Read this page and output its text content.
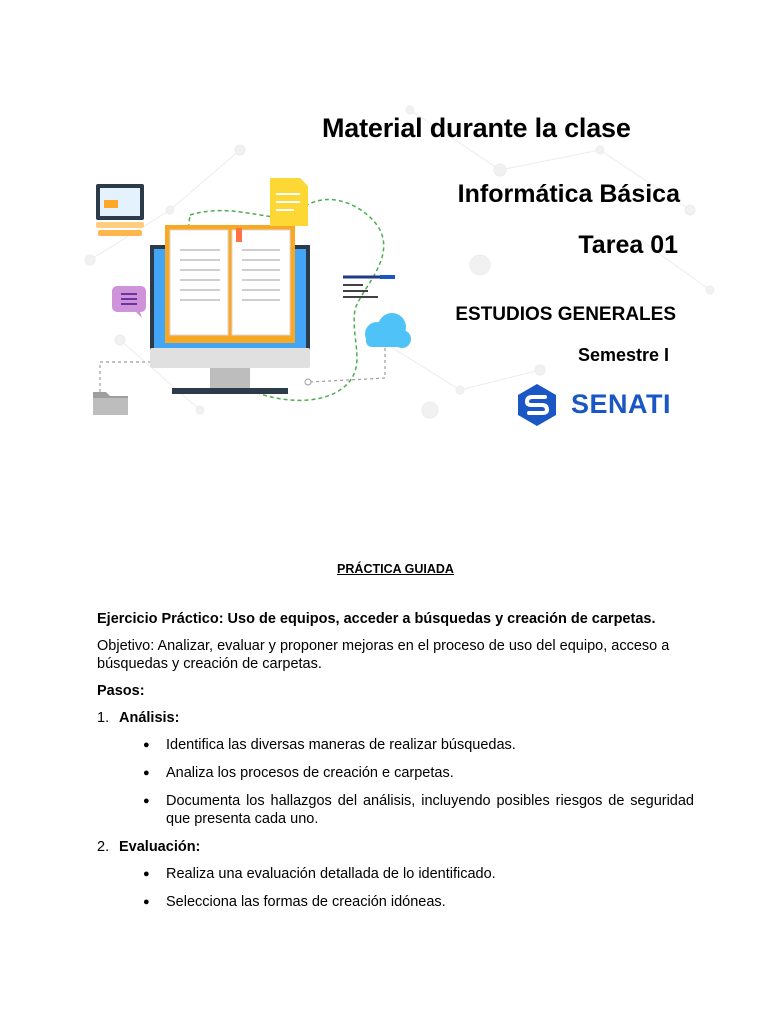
Material durante la clase
Informática Básica
Tarea 01
ESTUDIOS GENERALES
Semestre I
SENATI
PRÁCTICA GUIADA
Ejercicio Práctico: Uso de equipos, acceder a búsquedas y creación de carpetas.
Objetivo: Analizar, evaluar y proponer mejoras en el proceso de uso del equipo, acceso a búsquedas y creación de carpetas.
Pasos:
1. Análisis:
●	Identifica las diversas maneras de realizar búsquedas.
●	Analiza los procesos de creación e carpetas.
●	Documenta los hallazgos del análisis, incluyendo posibles riesgos de seguridad que presenta cada uno.
2. Evaluación:
●	Realiza una evaluación detallada de lo identificado.
●	Selecciona las formas de creación idóneas.
